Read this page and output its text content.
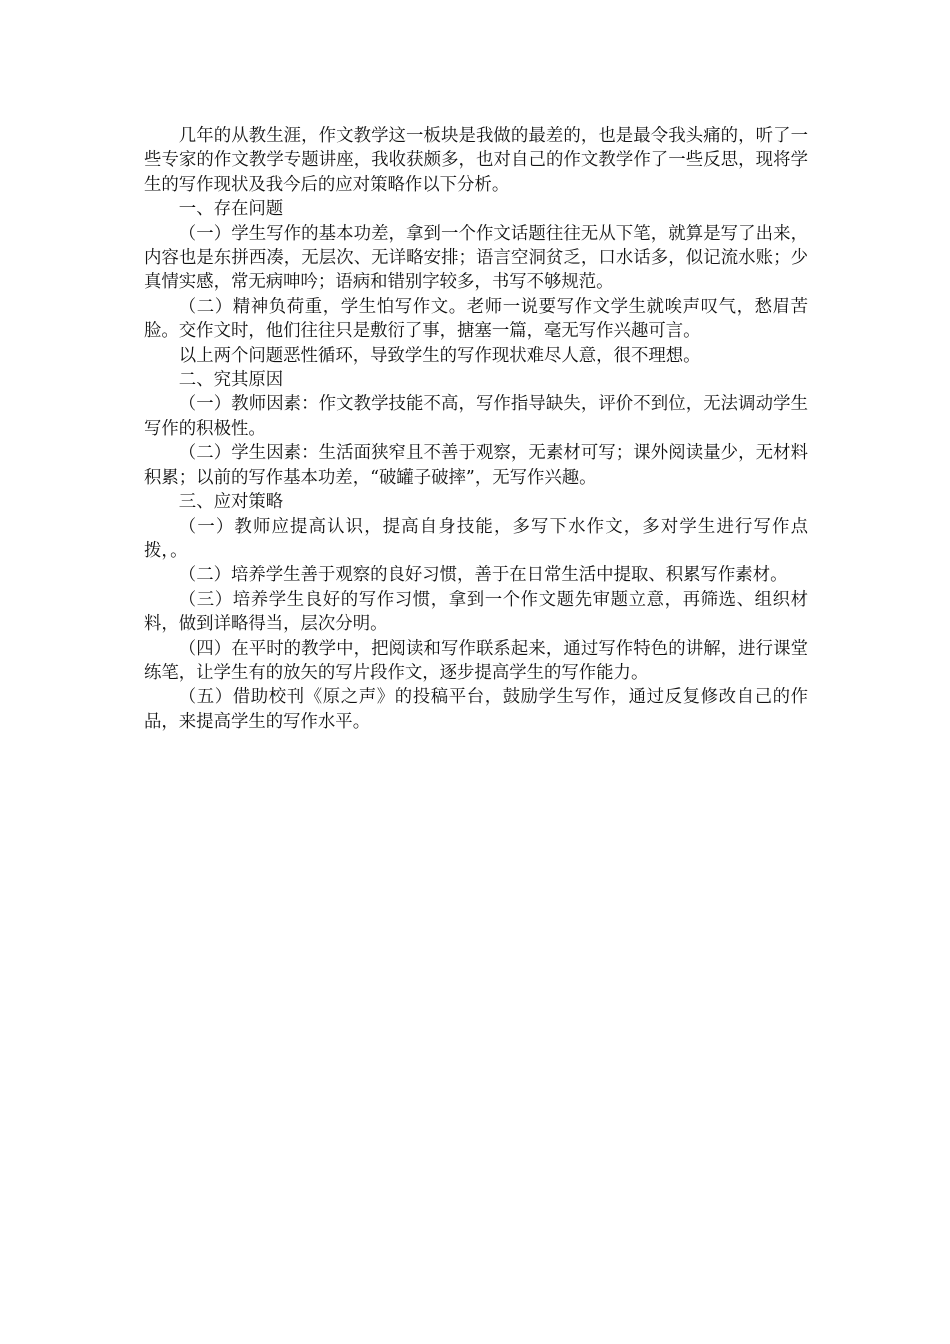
几年的从教生涯，作文教学这一板块是我做的最差的，也是最令我头痛的，听了一些专家的作文教学专题讲座，我收获颇多，也对自己的作文教学作了一些反思，现将学生的写作现状及我今后的应对策略作以下分析。

一、存在问题

（一）学生写作的基本功差，拿到一个作文话题往往无从下笔，就算是写了出来，内容也是东拼西凑，无层次、无详略安排；语言空洞贫乏，口水话多，似记流水账；少真情实感，常无病呻吟；语病和错别字较多，书写不够规范。

（二）精神负荷重，学生怕写作文。老师一说要写作文学生就唉声叹气，愁眉苦脸。交作文时，他们往往只是敷衍了事，搪塞一篇，毫无写作兴趣可言。

以上两个问题恶性循环，导致学生的写作现状难尽人意，很不理想。

二、究其原因

（一）教师因素：作文教学技能不高，写作指导缺失，评价不到位，无法调动学生写作的积极性。

（二）学生因素：生活面狭窄且不善于观察，无素材可写；课外阅读量少，无材料积累；以前的写作基本功差，“破罐子破摔”，无写作兴趣。

三、应对策略

（一）教师应提高认识，提高自身技能，多写下水作文，多对学生进行写作点拨，。

（二）培养学生善于观察的良好习惯，善于在日常生活中提取、积累写作素材。

（三）培养学生良好的写作习惯，拿到一个作文题先审题立意，再筛选、组织材料，做到详略得当，层次分明。

（四）在平时的教学中，把阅读和写作联系起来，通过写作特色的讲解，进行课堂练笔，让学生有的放矢的写片段作文，逐步提高学生的写作能力。

（五）借助校刊《原之声》的投稿平台，鼓励学生写作，通过反复修改自己的作品，来提高学生的写作水平。
